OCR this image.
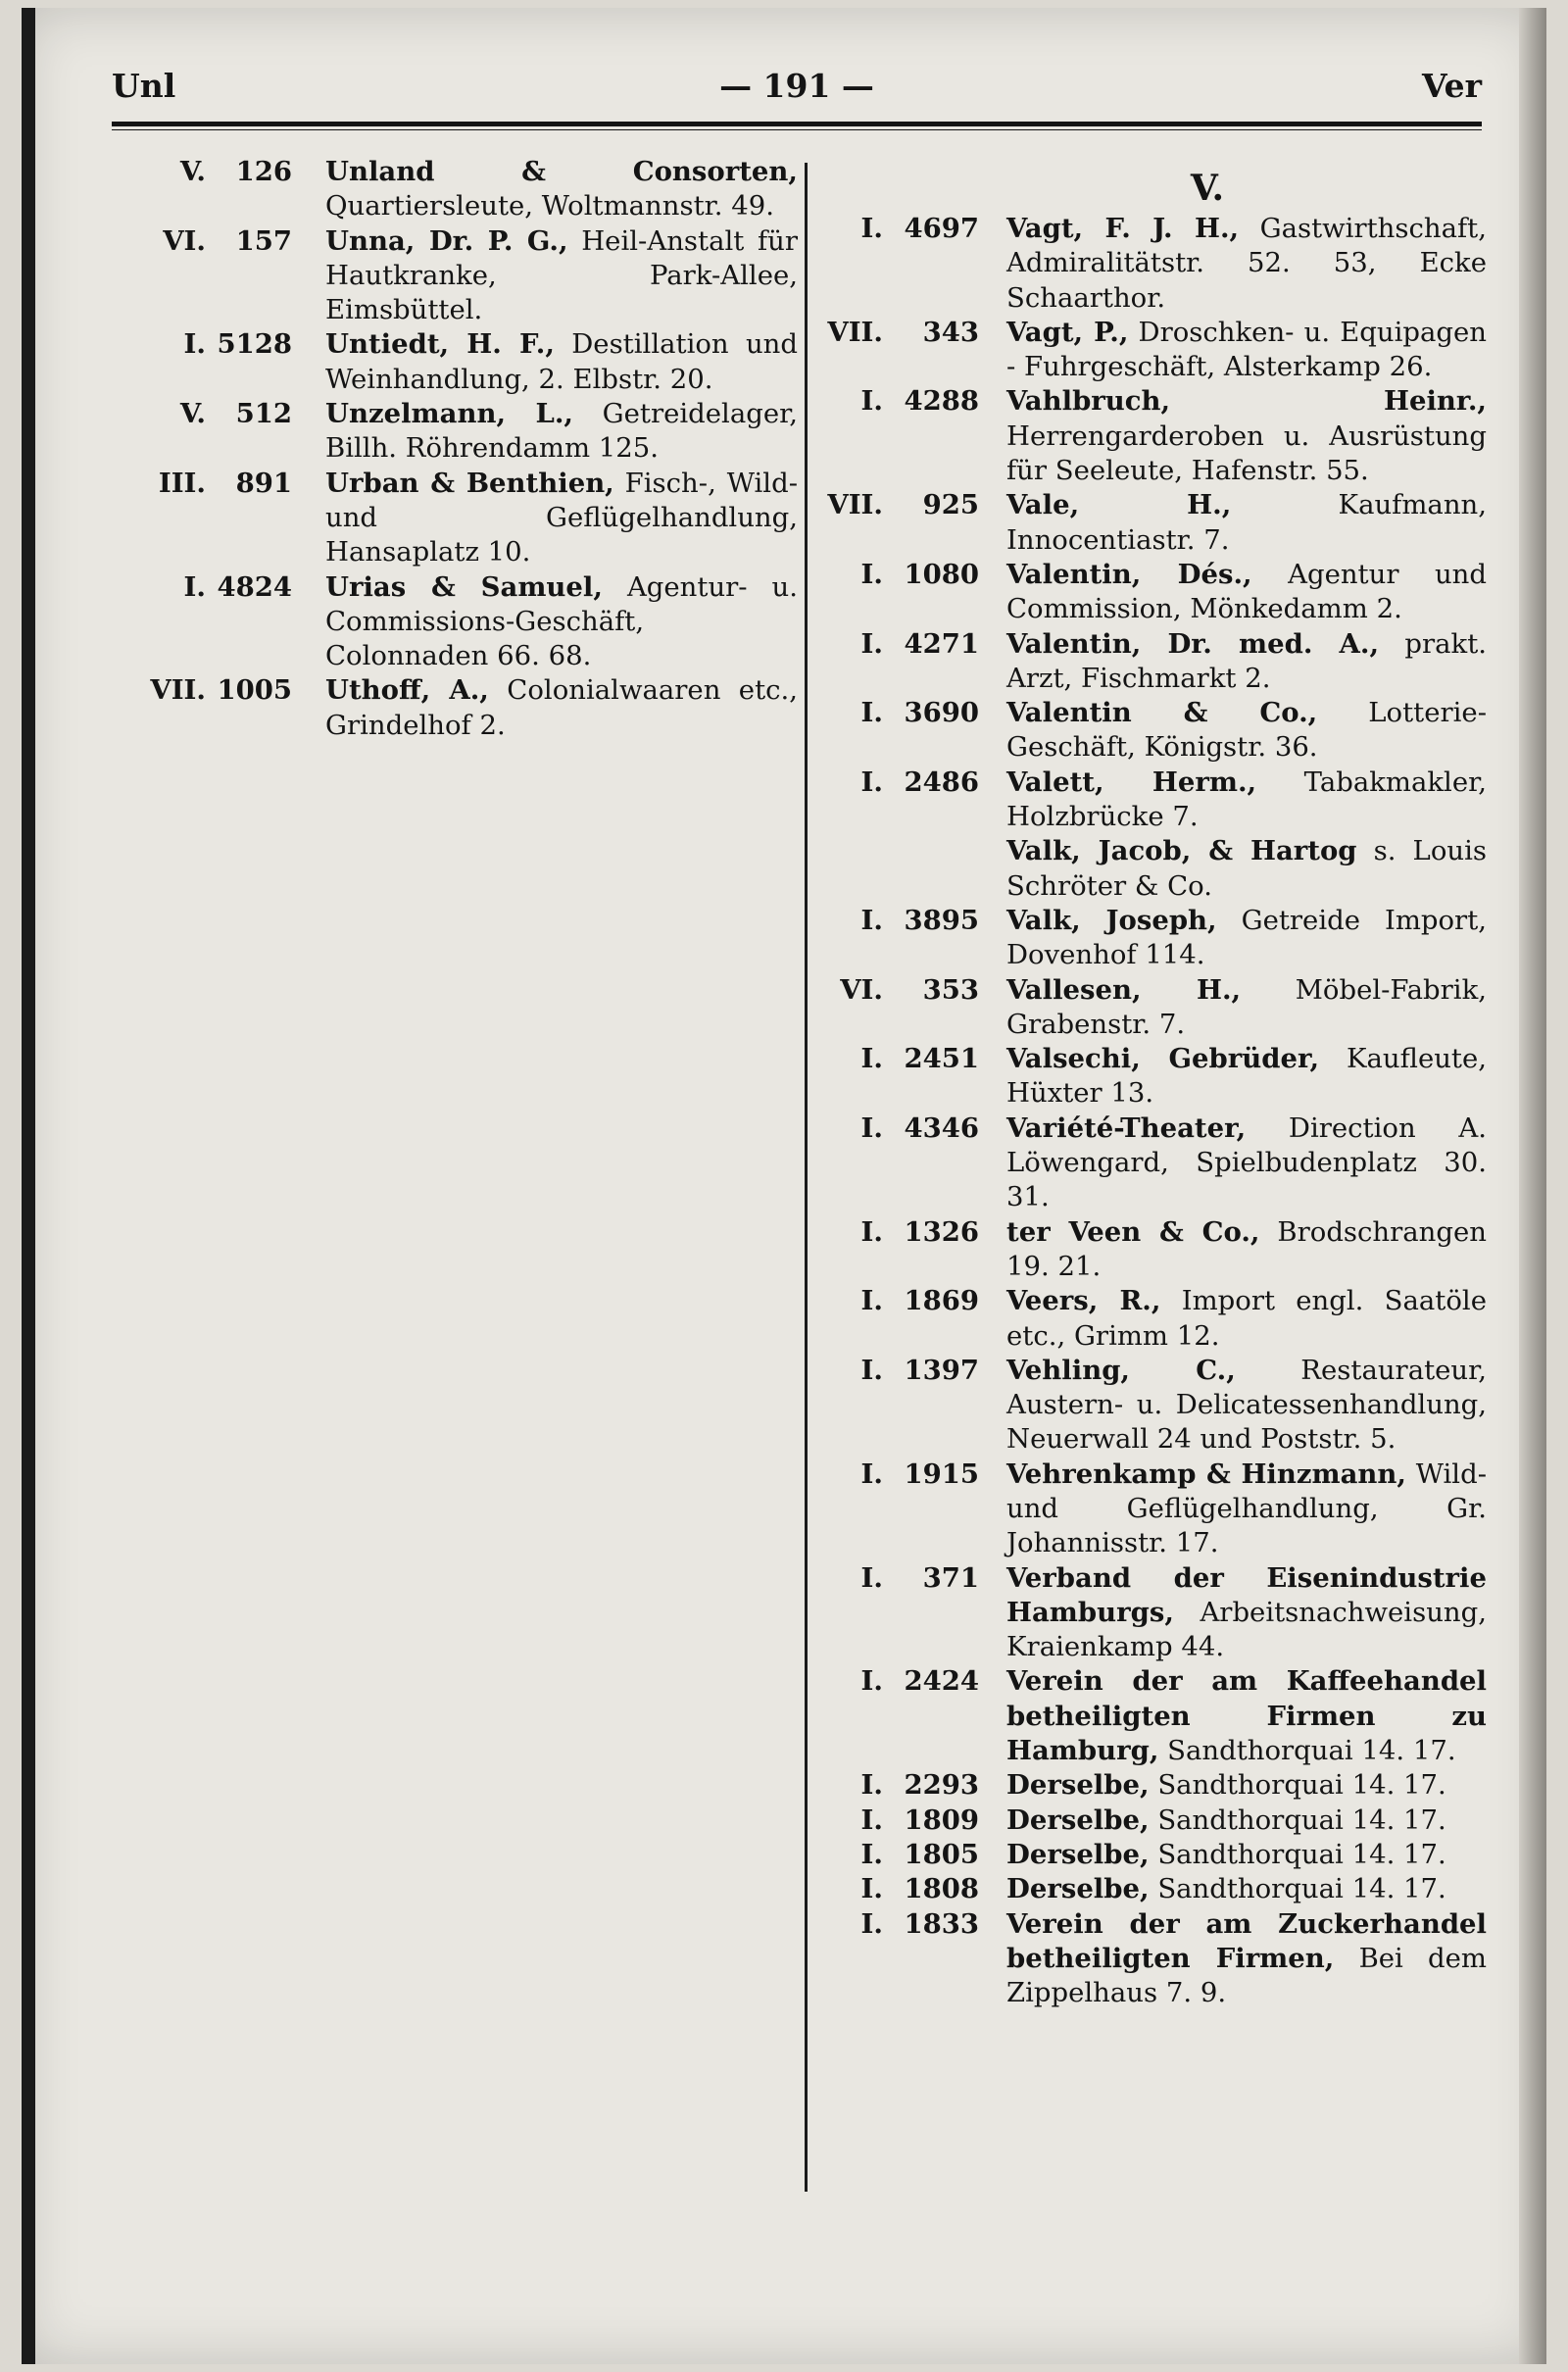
Unl	— 191 —	Ver
V.	126 Unland & Consorten, Quartiersleute, Woltmannstr. 49.
VI.	157 Unna, Dr. P. G., Heil-Anstalt für Hautkranke, Park-Allee, Eimsbüttel.
I. 5128 Untiedt, H. F., Destillation und Weinhandlung, 2. Elbstr. 20.
V.	512 Unzelmann, L., Getreidelager, Billh. Röhrendamm 125.
III.	891 Urban & Benthien, Fisch-, Wild- und Geflügelhandlung, Hansaplatz 10.
I. 4824 Urias & Samuel, Agentur- u. Commissions-Geschäft, Colonnaden 66. 68.
VII. 1005 Uthoff, A., Colonialwaaren etc., Grindelhof 2.
V.
I. 4697 Vagt, F. J. H., Gastwirthschaft, Admiralitätstr. 52. 53, Ecke Schaarthor.
VII.	343 Vagt, P., Droschken- u. Equipagen - Fuhrgeschäft, Alsterkamp 26.
I. 4288 Vahlbruch, Heinr., Herrengarderoben u. Ausrüstung für Seeleute, Hafenstr. 55.
VII.	925 Vale, H.,	Kaufmann, Innocentiastr. 7.
I. 1080 Valentin, Dés., Agentur und Commission, Mönkedamm 2.
I. 4271 Valentin, Dr. med. A., prakt. Arzt, Fischmarkt 2.
I. 3690 Valentin & Co., Lotterie-Geschäft, Königstr. 36.
I. 2486 Valett, Herm., Tabakmakler, Holzbrücke 7.
Valk, Jacob, & Hartog s. Louis Schröter & Co.
I. 3895 Valk, Joseph, Getreide Import, Dovenhof 114.
VI.	353 Vallesen, H., Möbel-Fabrik, Grabenstr. 7.
I. 2451 Valsechi, Gebrüder, Kaufleute, Hüxter 13.
I. 4346 Variété-Theater, Direction A. Löwengard, Spielbudenplatz 30. 31.
I. 1326 ter Veen & Co., Brodschrangen 19. 21.
I. 1869 Veers, R., Import engl. Saatöle etc., Grimm 12.
I. 1397 Vehling, C., Restaurateur, Austern- u. Delicatessenhandlung, Neuerwall 24 und Poststr. 5.
I. 1915 Vehrenkamp & Hinzmann, Wild- und Geflügelhandlung, Gr. Johannisstr. 17.
I.	371 Verband der Eisenindustrie Hamburgs, Arbeitsnachweisung, Kraienkamp 44.
I. 2424 Verein der am Kaffeehandel betheiligten Firmen zu Hamburg, Sandthorquai 14. 17.
I. 2293 Derselbe, Sandthorquai 14. 17.
I. 1809 Derselbe, Sandthorquai 14. 17.
I. 1805 Derselbe, Sandthorquai 14. 17.
I. 1808 Derselbe, Sandthorquai 14. 17.
I. 1833 Verein der am Zuckerhandel betheiligten Firmen, Bei dem Zippelhaus 7. 9.
